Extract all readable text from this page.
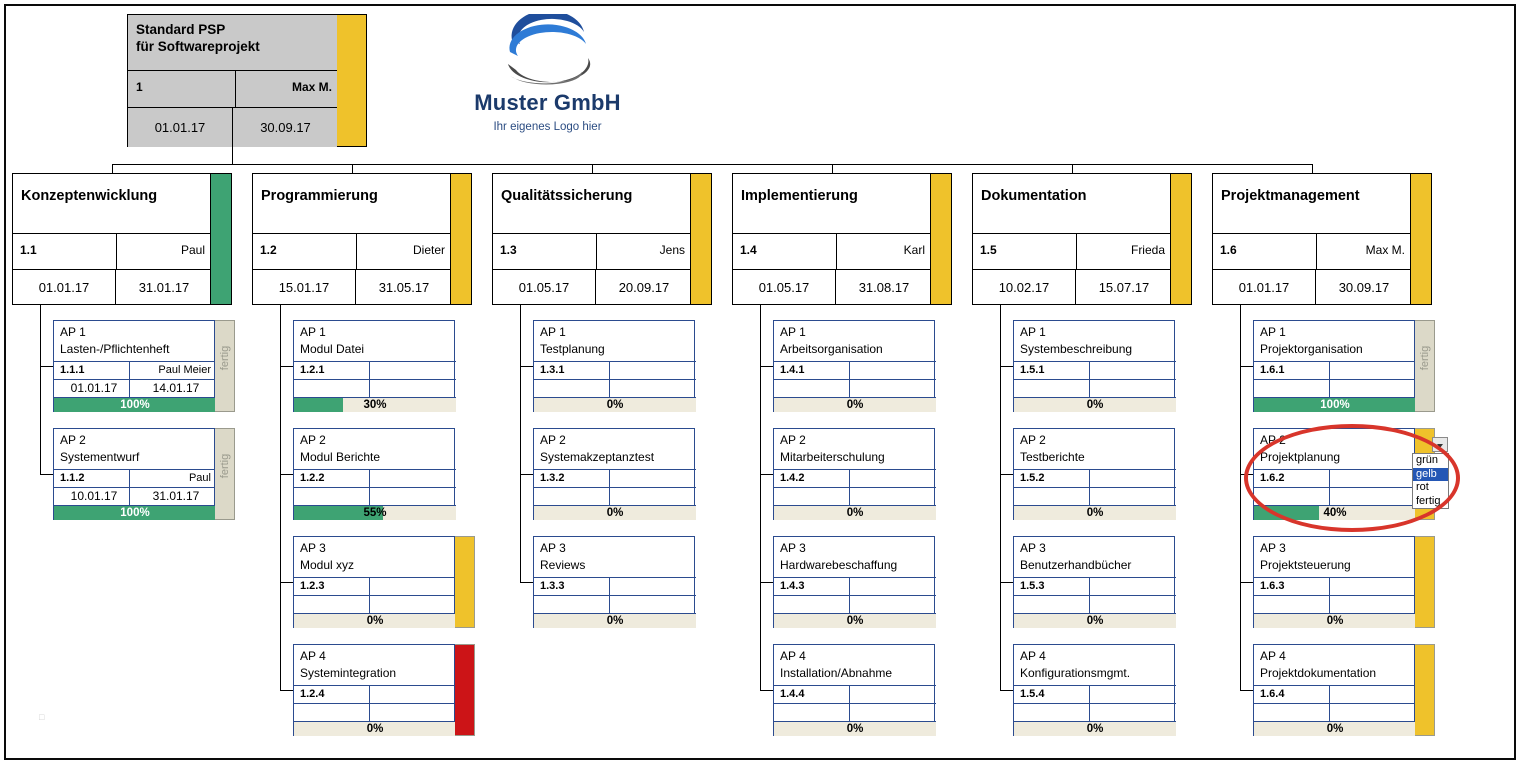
Standard PSP
für Softwareprojekt
1	Max M.
01.01.17	30.09.17
Muster GmbH
Ihr eigenes Logo hier
Konzeptenwicklung
1.1	Paul
01.01.17	31.01.17
AP 1
Lasten-/Pflichtenheft
1.1.1	Paul Meier
01.01.17	14.01.17
100%
fertig
AP 2
Systementwurf
1.1.2	Paul
10.01.17	31.01.17
100%
fertig
Programmierung
1.2	Dieter
15.01.17	31.05.17
AP 1
Modul Datei
1.2.1
30%
AP 2
Modul Berichte
1.2.2
55%
AP 3
Modul xyz
1.2.3
0%
AP 4
Systemintegration
1.2.4
0%
Qualitätssicherung
1.3	Jens
01.05.17	20.09.17
AP 1
Testplanung
1.3.1
0%
AP 2
Systemakzeptanztest
1.3.2
0%
AP 3
Reviews
1.3.3
0%
Implementierung
1.4	Karl
01.05.17	31.08.17
AP 1
Arbeitsorganisation
1.4.1
0%
AP 2
Mitarbeiterschulung
1.4.2
0%
AP 3
Hardwarebeschaffung
1.4.3
0%
AP 4
Installation/Abnahme
1.4.4
0%
Dokumentation
1.5	Frieda
10.02.17	15.07.17
AP 1
Systembeschreibung
1.5.1
0%
AP 2
Testberichte
1.5.2
0%
AP 3
Benutzerhandbücher
1.5.3
0%
AP 4
Konfigurationsmgmt.
1.5.4
0%
Projektmanagement
1.6	Max M.
01.01.17	30.09.17
AP 1
Projektorganisation
1.6.1
100%
fertig
AP 2
Projektplanung
1.6.2
40%
AP 3
Projektsteuerung
1.6.3
0%
AP 4
Projektdokumentation
1.6.4
0%
grün
gelb
rot
fertig
□
